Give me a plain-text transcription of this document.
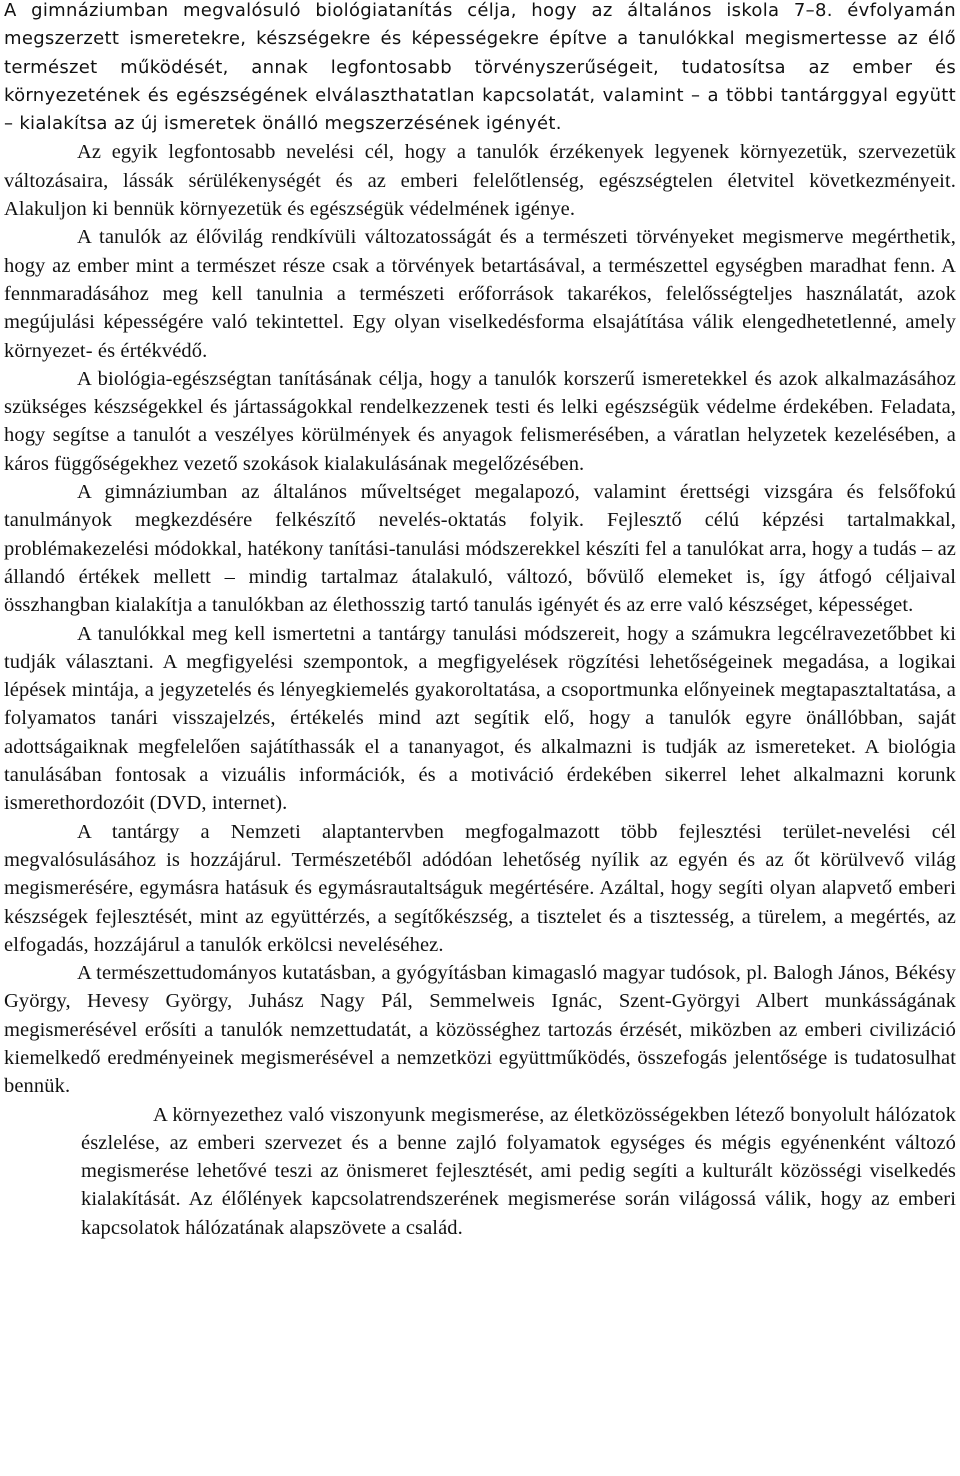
A gimnáziumban megvalósuló biológiatanítás célja, hogy az általános iskola 7–8. évfolyamán megszerzett ismeretekre, készségekre és képességekre építve a tanulókkal megismertesse az élő természet működését, annak legfontosabb törvényszerűségeit, tudatosítsa az ember és környezetének és egészségének elválaszthatatlan kapcsolatát, valamint – a többi tantárggyal együtt – kialakítsa az új ismeretek önálló megszerzésének igényét.

Az egyik legfontosabb nevelési cél, hogy a tanulók érzékenyek legyenek környezetük, szervezetük változásaira, lássák sérülékenységét és az emberi felelőtlenség, egészségtelen életvitel következményeit. Alakuljon ki bennük környezetük és egészségük védelmének igénye.

A tanulók az élővilág rendkívüli változatosságát és a természeti törvényeket megismerve megérthetik, hogy az ember mint a természet része csak a törvények betartásával, a természettel egységben maradhat fenn. A fennmaradásához meg kell tanulnia a természeti erőforrások takarékos, felelősségteljes használatát, azok megújulási képességére való tekintettel. Egy olyan viselkedésforma elsajátítása válik elengedhetetlenné, amely környezet- és értékvédő.

A biológia-egészségtan tanításának célja, hogy a tanulók korszerű ismeretekkel és azok alkalmazásához szükséges készségekkel és jártasságokkal rendelkezzenek testi és lelki egészségük védelme érdekében. Feladata, hogy segítse a tanulót a veszélyes körülmények és anyagok felismerésében, a váratlan helyzetek kezelésében, a káros függőségekhez vezető szokások kialakulásának megelőzésében.

A gimnáziumban az általános műveltséget megalapozó, valamint érettségi vizsgára és felsőfokú tanulmányok megkezdésére felkészítő nevelés-oktatás folyik. Fejlesztő célú képzési tartalmakkal, problémakezelési módokkal, hatékony tanítási-tanulási módszerekkel készíti fel a tanulókat arra, hogy a tudás – az állandó értékek mellett – mindig tartalmaz átalakuló, változó, bővülő elemeket is, így átfogó céljaival összhangban kialakítja a tanulókban az élethosszig tartó tanulás igényét és az erre való készséget, képességet.

A tanulókkal meg kell ismertetni a tantárgy tanulási módszereit, hogy a számukra legcélravezetőbbet ki tudják választani. A megfigyelési szempontok, a megfigyelések rögzítési lehetőségeinek megadása, a logikai lépések mintája, a jegyzetelés és lényegkiemelés gyakoroltatása, a csoportmunka előnyeinek megtapasztaltatása, a folyamatos tanári visszajelzés, értékelés mind azt segítik elő, hogy a tanulók egyre önállóbban, saját adottságaiknak megfelelően sajátíthassák el a tananyagot, és alkalmazni is tudják az ismereteket. A biológia tanulásában fontosak a vizuális információk, és a motiváció érdekében sikerrel lehet alkalmazni korunk ismerethordozóit (DVD, internet).

A tantárgy a Nemzeti alaptantervben megfogalmazott több fejlesztési terület-nevelési cél megvalósulásához is hozzájárul. Természetéből adódóan lehetőség nyílik az egyén és az őt körülvevő világ megismerésére, egymásra hatásuk és egymásrautaltságuk megértésére. Azáltal, hogy segíti olyan alapvető emberi készségek fejlesztését, mint az együttérzés, a segítőkészség, a tisztelet és a tisztesség, a türelem, a megértés, az elfogadás, hozzájárul a tanulók erkölcsi neveléséhez.

A természettudományos kutatásban, a gyógyításban kimagasló magyar tudósok, pl. Balogh János, Békésy György, Hevesy György, Juhász Nagy Pál, Semmelweis Ignác, Szent-Györgyi Albert munkásságának megismerésével erősíti a tanulók nemzettudatát, a közösséghez tartozás érzését, miközben az emberi civilizáció kiemelkedő eredményeinek megismerésével a nemzetközi együttműködés, összefogás jelentősége is tudatosulhat bennük.

A környezethez való viszonyunk megismerése, az életközösségekben létező bonyolult hálózatok észlelése, az emberi szervezet és a benne zajló folyamatok egységes és mégis egyénenként változó megismerése lehetővé teszi az önismeret fejlesztését, ami pedig segíti a kulturált közösségi viselkedés kialakítását. Az élőlények kapcsolatrendszerének megismerése során világossá válik, hogy az emberi kapcsolatok hálózatának alapszövete a család.
